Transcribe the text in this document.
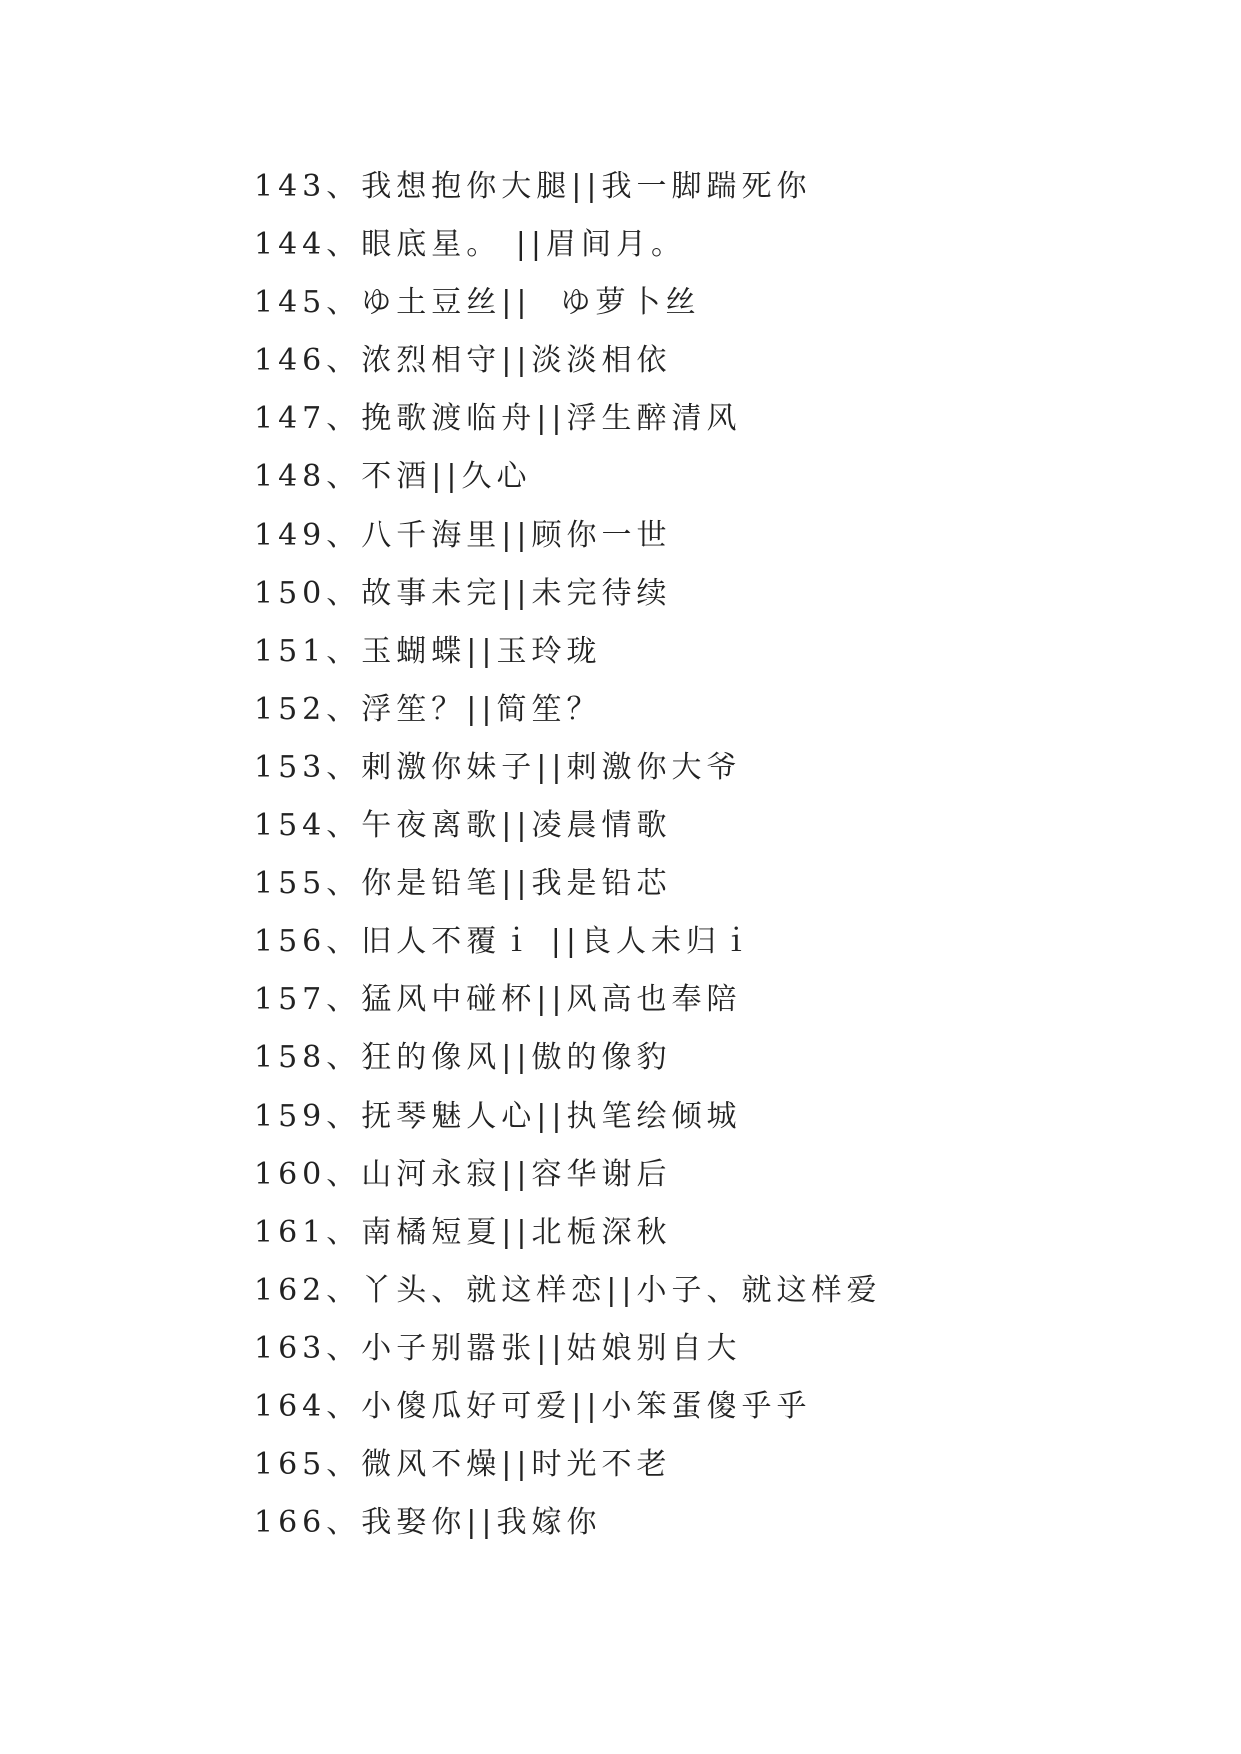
143、我想抱你大腿||我一脚踹死你
144、眼底星。 ||眉间月。
145、ゆ土豆丝||  ゆ萝卜丝
146、浓烈相守||淡淡相依
147、挽歌渡临舟||浮生醉清风
148、不酒||久心
149、八千海里||顾你一世
150、故事未完||未完待续
151、玉蝴蝶||玉玲珑
152、浮笙？||简笙？
153、刺激你妹子||刺激你大爷
154、午夜离歌||凌晨情歌
155、你是铅笔||我是铅芯
156、旧人不覆ｉ ||良人未归ｉ
157、猛风中碰杯||风高也奉陪
158、狂的像风||傲的像豹
159、抚琴魅人心||执笔绘倾城
160、山河永寂||容华谢后
161、南橘短夏||北栀深秋
162、丫头、就这样恋||小子、就这样爱
163、小子别嚣张||姑娘别自大
164、小傻瓜好可爱||小笨蛋傻乎乎
165、微风不燥||时光不老
166、我娶你||我嫁你
